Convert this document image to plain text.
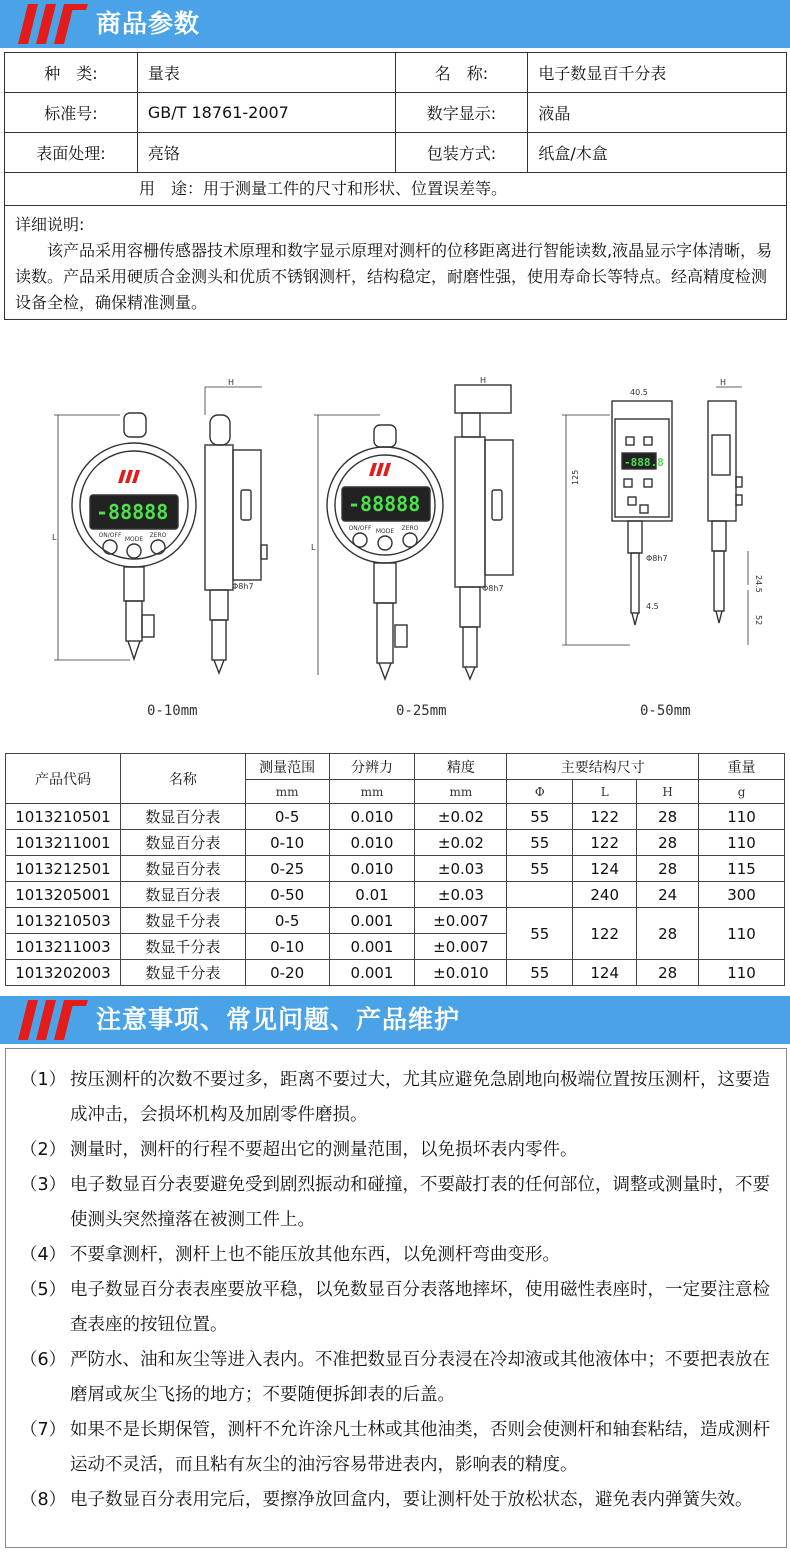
商品参数
种　类:	量表	名　称:	电子数显百千分表
标准号:	GB/T 18761-2007	数字显示:	液晶
表面处理:	亮铬	包装方式:	纸盒/木盒
用　途：用于测量工件的尺寸和形状、位置误差等。
详细说明:
该产品采用容栅传感器技术原理和数字显示原理对测杆的位移距离进行智能读数,液晶显示字体清晰，易读数。产品采用硬质合金测头和优质不锈钢测杆，结构稳定，耐磨性强，使用寿命长等特点。经高精度检测设备全检，确保精准测量。
-88888	-88888
-888.8
ON/OFF
MODE
ZERO
ON/OFF MODE ZERO
40.5
125
Φ8h7
4.5
24.5
52
Φ8h7	Φ8h7
H	H	H
L
L
0-10mm	0-25mm	0-50mm
产品代码	名称	测量范围	分辨力	精度	主要结构尺寸			重量
		mm	mm	mm	Φ	L	H	g
1013210501	数显百分表	0-5	0.010	±0.02	55	122	28	110
1013211001	数显百分表	0-10	0.010	±0.02	55	122	28	110
1013212501	数显百分表	0-25	0.010	±0.03	55	124	28	115
1013205001	数显百分表	0-50	0.01	±0.03		240	24	300
1013210503	数显千分表	0-5	0.001	±0.007	55	122	28	110
1013211003	数显千分表	0-10	0.001	±0.007				
1013202003	数显千分表	0-20	0.001	±0.010	55	124	28	110
注意事项、常见问题、产品维护
（1） 按压测杆的次数不要过多，距离不要过大，尤其应避免急剧地向极端位置按压测杆，这要造成冲击，会损坏机构及加剧零件磨损。
（2） 测量时，测杆的行程不要超出它的测量范围，以免损坏表内零件。
（3） 电子数显百分表要避免受到剧烈振动和碰撞，不要敲打表的任何部位，调整或测量时，不要使测头突然撞落在被测工件上。
（4） 不要拿测杆，测杆上也不能压放其他东西，以免测杆弯曲变形。
（5） 电子数显百分表表座要放平稳，以免数显百分表落地摔坏，使用磁性表座时，一定要注意检查表座的按钮位置。
（6） 严防水、油和灰尘等进入表内。不准把数显百分表浸在冷却液或其他液体中；不要把表放在磨屑或灰尘飞扬的地方；不要随便拆卸表的后盖。
（7） 如果不是长期保管，测杆不允许涂凡士林或其他油类，否则会使测杆和轴套粘结，造成测杆运动不灵活，而且粘有灰尘的油污容易带进表内，影响表的精度。
（8） 电子数显百分表用完后，要擦净放回盒内，要让测杆处于放松状态，避免表内弹簧失效。
